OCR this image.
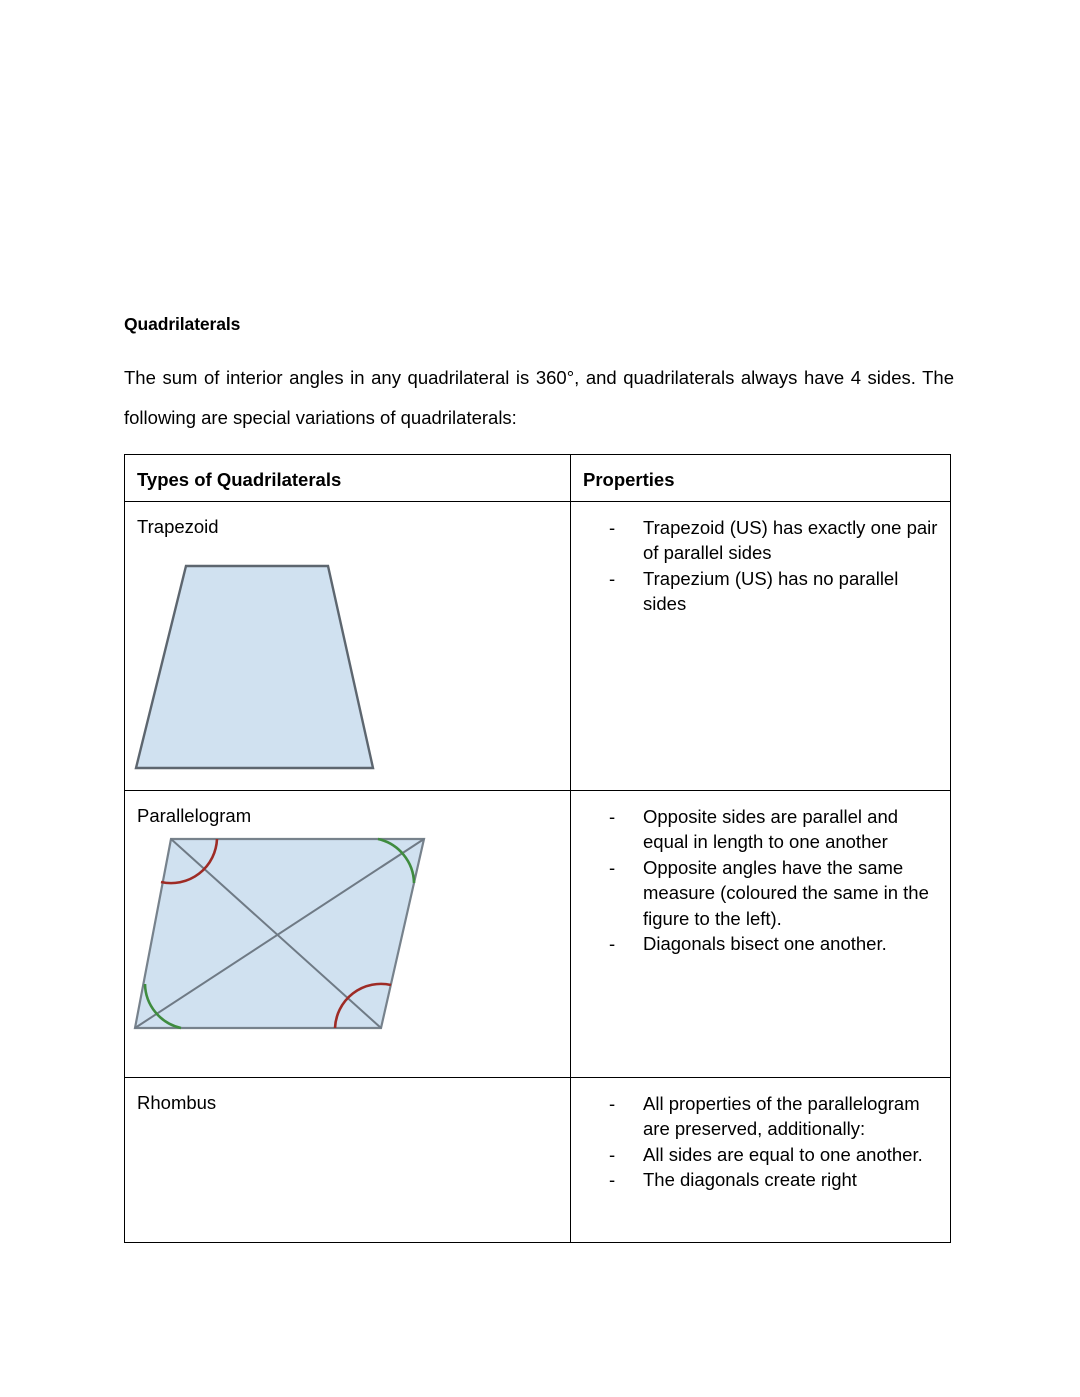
Quadrilaterals

The sum of interior angles in any quadrilateral is 360°, and quadrilaterals always have 4 sides. The following are special variations of quadrilaterals:

Types of Quadrilaterals	Properties

Trapezoid	- Trapezoid (US) has exactly one pair of parallel sides
- Trapezium (US) has no parallel sides

Parallelogram	- Opposite sides are parallel and equal in length to one another
- Opposite angles have the same measure (coloured the same in the figure to the left).
- Diagonals bisect one another.

Rhombus	- All properties of the parallelogram are preserved, additionally:
- All sides are equal to one another.
- The diagonals create right
